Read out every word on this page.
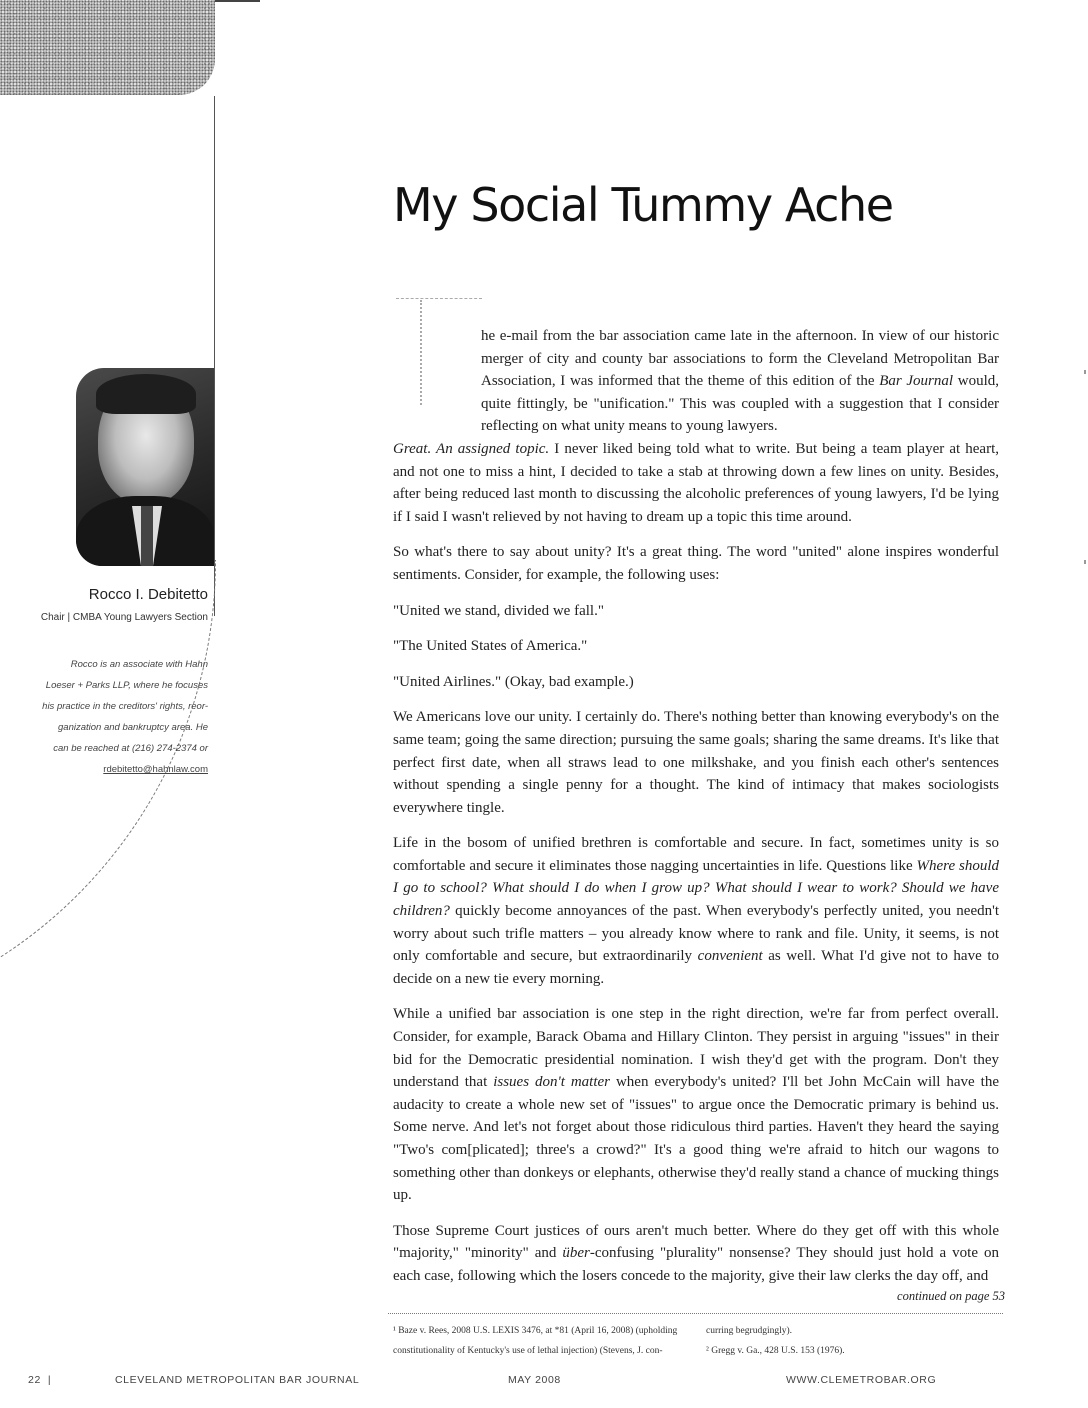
Rocco I. Debitetto
Chair | CMBA Young Lawyers Section
Rocco is an associate with Hahn
Loeser + Parks LLP, where he focuses
his practice in the creditors' rights, reor-
ganization and bankruptcy area. He
can be reached at (216) 274-2374 or
rdebitetto@hahnlaw.com
My Social Tummy Ache

he e-mail from the bar association came late in the afternoon. In view of our historic merger of city and county bar associations to form the Cleveland Metropolitan Bar Association, I was informed that the theme of this edition of the Bar Journal would, quite fittingly, be "unification." This was coupled with a suggestion that I consider reflecting on what unity means to young lawyers.
Great. An assigned topic. I never liked being told what to write. But being a team player at heart, and not one to miss a hint, I decided to take a stab at throwing down a few lines on unity. Besides, after being reduced last month to discussing the alcoholic preferences of young lawyers, I'd be lying if I said I wasn't relieved by not having to dream up a topic this time around.

So what's there to say about unity? It's a great thing. The word "united" alone inspires wonderful sentiments. Consider, for example, the following uses:

"United we stand, divided we fall."

"The United States of America."

"United Airlines." (Okay, bad example.)

We Americans love our unity. I certainly do. There's nothing better than knowing everybody's on the same team; going the same direction; pursuing the same goals; sharing the same dreams. It's like that perfect first date, when all straws lead to one milkshake, and you finish each other's sentences without spending a single penny for a thought. The kind of intimacy that makes sociologists everywhere tingle.

Life in the bosom of unified brethren is comfortable and secure. In fact, sometimes unity is so comfortable and secure it eliminates those nagging uncertainties in life. Questions like Where should I go to school? What should I do when I grow up? What should I wear to work? Should we have children? quickly become annoyances of the past. When everybody's perfectly united, you needn't worry about such trifle matters – you already know where to rank and file. Unity, it seems, is not only comfortable and secure, but extraordinarily convenient as well. What I'd give not to have to decide on a new tie every morning.

While a unified bar association is one step in the right direction, we're far from perfect overall. Consider, for example, Barack Obama and Hillary Clinton. They persist in arguing "issues" in their bid for the Democratic presidential nomination. I wish they'd get with the program. Don't they understand that issues don't matter when everybody's united? I'll bet John McCain will have the audacity to create a whole new set of "issues" to argue once the Democratic primary is behind us. Some nerve. And let's not forget about those ridiculous third parties. Haven't they heard the saying "Two's com[plicated]; three's a crowd?" It's a good thing we're afraid to hitch our wagons to something other than donkeys or elephants, otherwise they'd really stand a chance of mucking things up.

Those Supreme Court justices of ours aren't much better. Where do they get off with this whole "majority," "minority" and über-confusing "plurality" nonsense? They should just hold a vote on each case, following which the losers concede to the majority, give their law clerks the day off, and

continued on page 53
¹ Baze v. Rees, 2008 U.S. LEXIS 3476, at *81 (April 16, 2008) (upholding constitutionality of Kentucky's use of lethal injection) (Stevens, J. con-
curring begrudgingly).
² Gregg v. Ga., 428 U.S. 153 (1976).
22  |	CLEVELAND METROPOLITAN BAR JOURNAL	MAY 2008	WWW.CLEMETROBAR.ORG
